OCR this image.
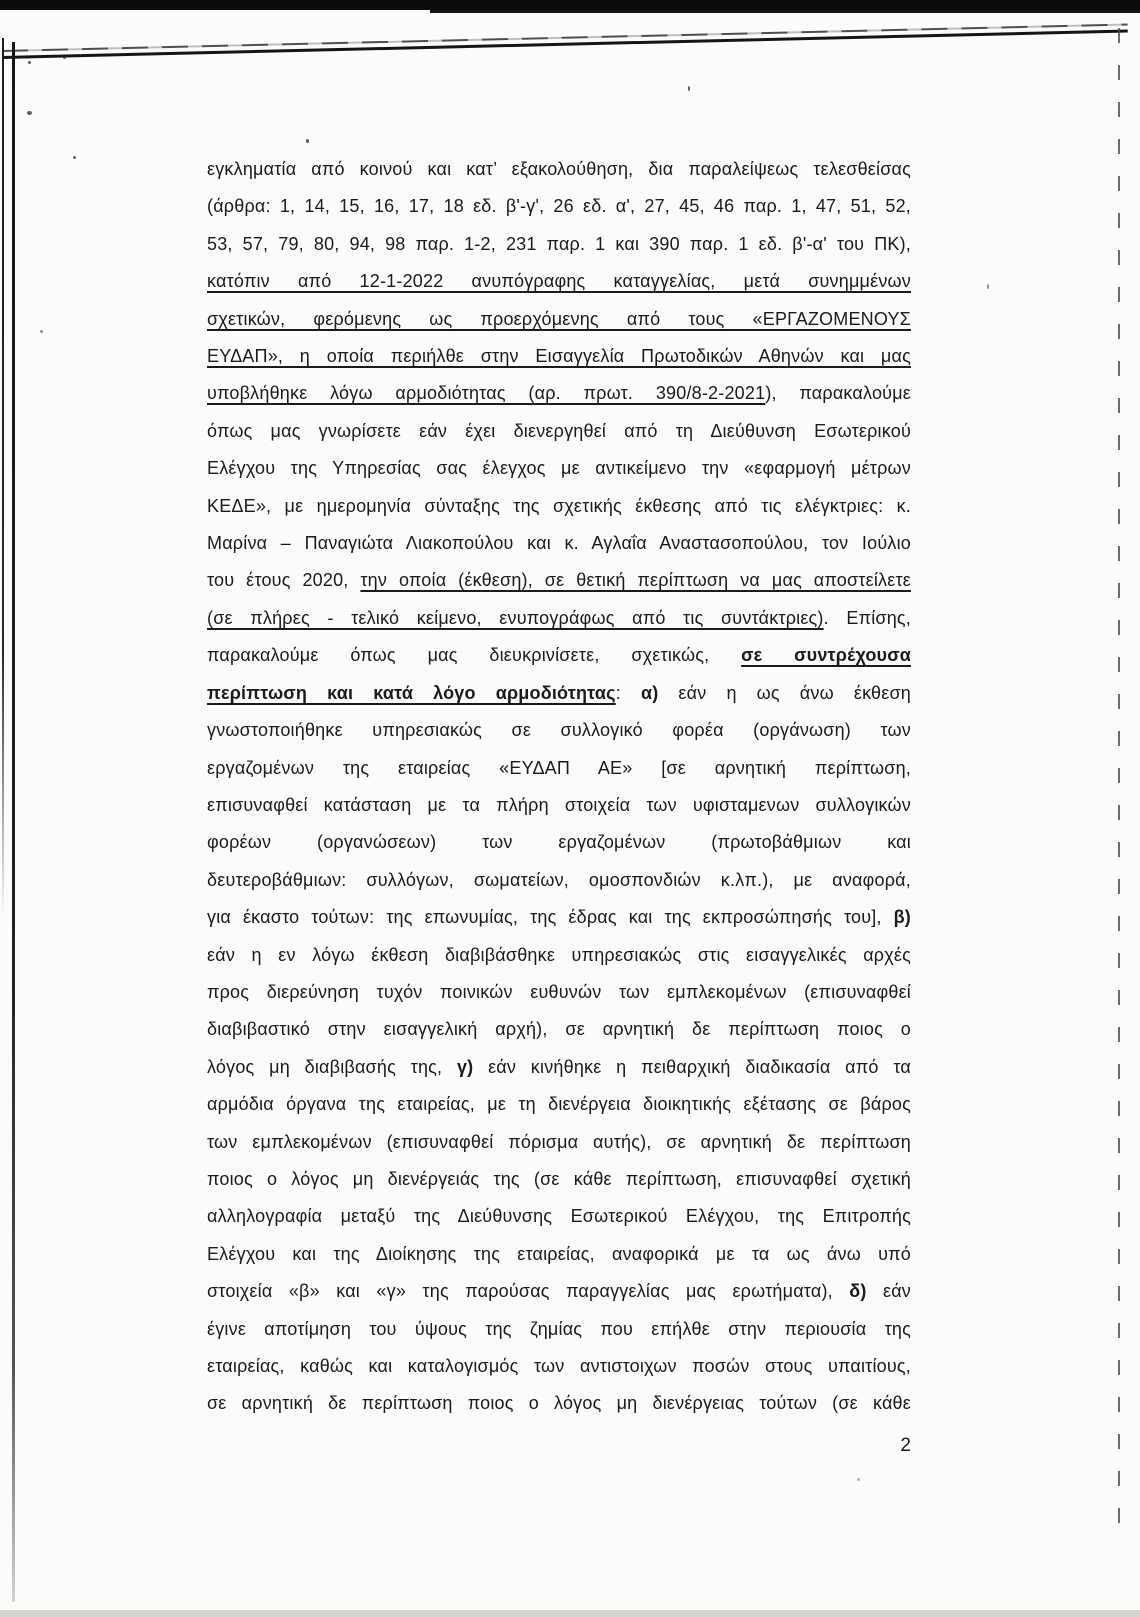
εγκληματία από κοινού και κατ’ εξακολούθηση, δια παραλείψεως τελεσθείσας
(άρθρα: 1, 14, 15, 16, 17, 18 εδ. β'-γ', 26 εδ. α', 27, 45, 46 παρ. 1, 47, 51, 52,
53, 57, 79, 80, 94, 98 παρ. 1-2, 231 παρ. 1 και 390 παρ. 1 εδ. β'-α' του ΠΚ),
κατόπιν από 12-1-2022 ανυπόγραφης καταγγελίας, μετά συνημμένων
σχετικών, φερόμενης ως προερχόμενης από τους «ΕΡΓΑΖΟΜΕΝΟΥΣ
ΕΥΔΑΠ», η οποία περιήλθε στην Εισαγγελία Πρωτοδικών Αθηνών και μας
υποβλήθηκε λόγω αρμοδιότητας (αρ. πρωτ. 390/8-2-2021), παρακαλούμε
όπως μας γνωρίσετε εάν έχει διενεργηθεί από τη Διεύθυνση Εσωτερικού
Ελέγχου της Υπηρεσίας σας έλεγχος με αντικείμενο την «εφαρμογή μέτρων
ΚΕΔΕ», με ημερομηνία σύνταξης της σχετικής έκθεσης από τις ελέγκτριες: κ.
Μαρίνα – Παναγιώτα Λιακοπούλου και κ. Αγλαΐα Αναστασοπούλου, τον Ιούλιο
του έτους 2020, την οποία (έκθεση), σε θετική περίπτωση να μας αποστείλετε
(σε πλήρες - τελικό κείμενο, ενυπογράφως από τις συντάκτριες). Επίσης,
παρακαλούμε όπως μας διευκρινίσετε, σχετικώς, σε συντρέχουσα
περίπτωση και κατά λόγο αρμοδιότητας: α) εάν η ως άνω έκθεση
γνωστοποιήθηκε υπηρεσιακώς σε συλλογικό φορέα (οργάνωση) των
εργαζομένων της εταιρείας «ΕΥΔΑΠ ΑΕ» [σε αρνητική περίπτωση,
επισυναφθεί κατάσταση με τα πλήρη στοιχεία των υφισταμενων συλλογικών
φορέων (οργανώσεων) των εργαζομένων (πρωτοβάθμιων και
δευτεροβάθμιων: συλλόγων, σωματείων, ομοσπονδιών κ.λπ.), με αναφορά,
για έκαστο τούτων: της επωνυμίας, της έδρας και της εκπροσώπησής του], β)
εάν η εν λόγω έκθεση διαβιβάσθηκε υπηρεσιακώς στις εισαγγελικές αρχές
προς διερεύνηση τυχόν ποινικών ευθυνών των εμπλεκομένων (επισυναφθεί
διαβιβαστικό στην εισαγγελική αρχή), σε αρνητική δε περίπτωση ποιος ο
λόγος μη διαβιβασής της, γ) εάν κινήθηκε η πειθαρχική διαδικασία από τα
αρμόδια όργανα της εταιρείας, με τη διενέργεια διοικητικής εξέτασης σε βάρος
των εμπλεκομένων (επισυναφθεί πόρισμα αυτής), σε αρνητική δε περίπτωση
ποιος ο λόγος μη διενέργειάς της (σε κάθε περίπτωση, επισυναφθεί σχετική
αλληλογραφία μεταξύ της Διεύθυνσης Εσωτερικού Ελέγχου, της Επιτροπής
Ελέγχου και της Διοίκησης της εταιρείας, αναφορικά με τα ως άνω υπό
στοιχεία «β» και «γ» της παρούσας παραγγελίας μας ερωτήματα), δ) εάν
έγινε αποτίμηση του ύψους της ζημίας που επήλθε στην περιουσία της
εταιρείας, καθώς και καταλογισμός των αντιστοιχων ποσών στους υπαιτίους,
σε αρνητική δε περίπτωση ποιος ο λόγος μη διενέργειας τούτων (σε κάθε
2
